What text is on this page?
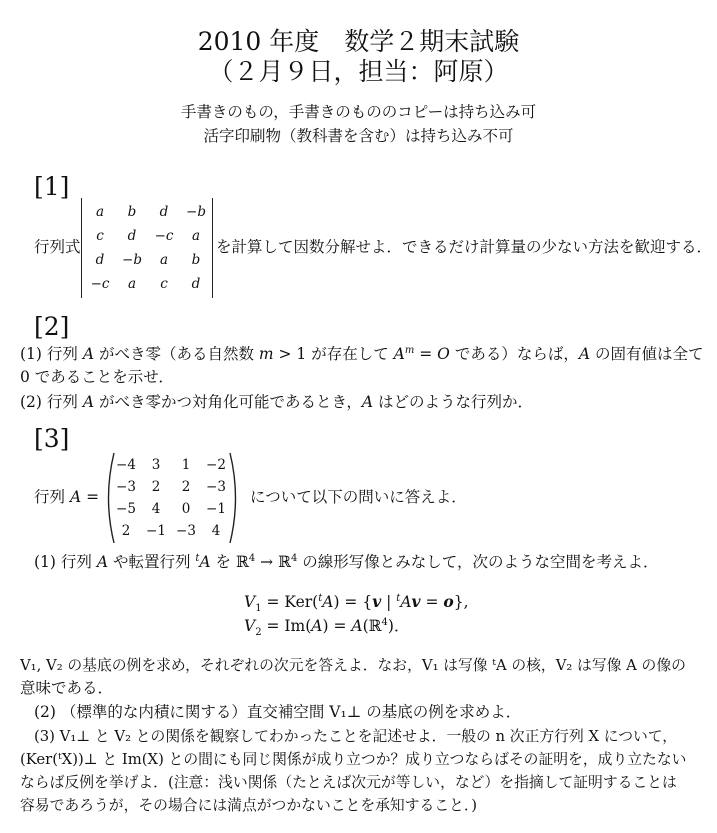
2010 年度　数学２期末試験
（２月９日，担当：阿原）
手書きのもの，手書きのもののコピーは持ち込み可
活字印刷物（教科書を含む）は持ち込み不可
[1]
行列式
a	b	d	−b
c	d	−c	a
d	−b	a	b
−c	a	c	d
を計算して因数分解せよ．できるだけ計算量の少ない方法を歓迎する．
[2]
(1) 行列 A がべき零（ある自然数 m > 1 が存在して $A^m = O$ である）ならば，A の固有値は全て
0 であることを示せ．
(2) 行列 A がべき零かつ対角化可能であるとき，A はどのような行列か．
[3]
行列 A =
−4	3	1	−2
−3	2	2	−3
−5	4	0	−1
2	−1	−3	4
について以下の問いに答えよ．
(1) 行列 A や転置行列 $^t$A を ℝ$^4$ → ℝ$^4$ の線形写像とみなして，次のような空間を考えよ．
$V_1 = Ker(^tA) = \{v$ | $^t$Av = o},
$V_2 = Im(A)$ = A(ℝ$^4$)．
V₁, V₂ の基底の例を求め，それぞれの次元を答えよ．なお，V₁ は写像 ᵗA の核，V₂ は写像 A の像の
意味である．
(2) （標準的な内積に関する）直交補空間 V₁⊥ の基底の例を求めよ．
(3) V₁⊥ と V₂ との関係を観察してわかったことを記述せよ．一般の n 次正方行列 X について，
(Ker(ᵗX))⊥ と Im(X) との間にも同じ関係が成り立つか？成り立つならばその証明を，成り立たない
ならば反例を挙げよ．(注意：浅い関係（たとえば次元が等しい，など）を指摘して証明することは
容易であろうが，その場合には満点がつかないことを承知すること．)
